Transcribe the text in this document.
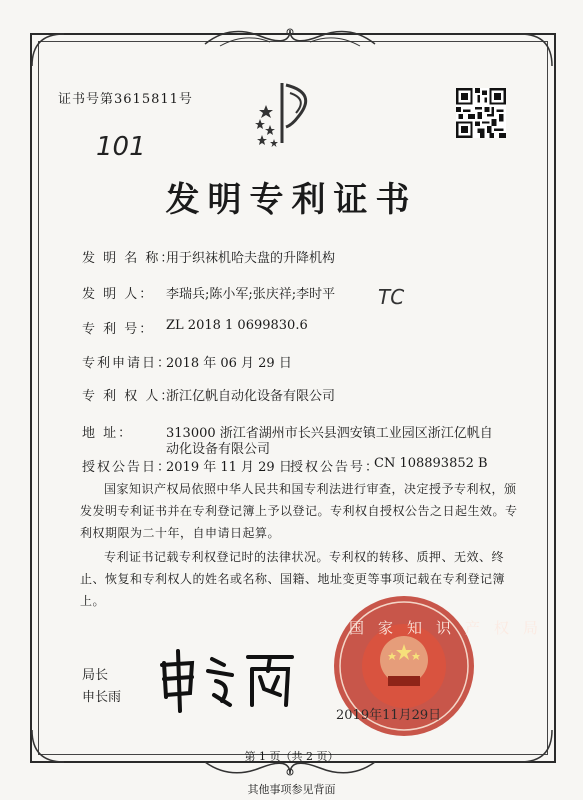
证书号第3615811号
101
TC
发明专利证书
发 明 名 称：
用于织袜机哈夫盘的升降机构
发 明 人： 李瑞兵;陈小军;张庆祥;李时平
专 利 号： ZL 2018 1 0699830.6
专利申请日：
2018 年 06 月 29 日
专 利 权 人：
浙江亿帆自动化设备有限公司
地 址：	313000 浙江省湖州市长兴县泗安镇工业园区浙江亿帆自
动化设备有限公司
授权公告日：
2019 年 11 月 29 日
授权公告号：
CN 108893852 B
国家知识产权局依照中华人民共和国专利法进行审查，决定授予专利权，颁发发明专利证书并在专利登记簿上予以登记。专利权自授权公告之日起生效。专利权期限为二十年，自申请日起算。
专利证书记载专利权登记时的法律状况。专利权的转移、质押、无效、终止、恢复和专利权人的姓名或名称、国籍、地址变更等事项记载在专利登记簿上。
局长
申长雨
国家知识产权局
2019年11月29日
第 1 页（共 2 页）
其他事项参见背面
